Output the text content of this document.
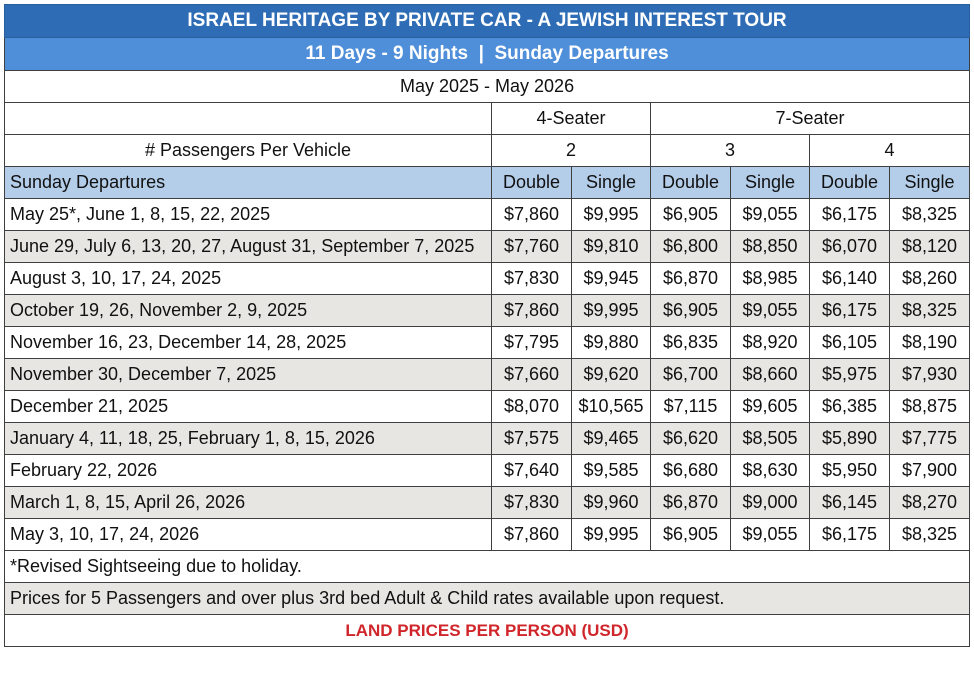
ISRAEL HERITAGE BY PRIVATE CAR - A JEWISH INTEREST TOUR						
11 Days - 9 Nights  |  Sunday Departures						
May 2025 - May 2026						
	4-Seater		7-Seater			
# Passengers Per Vehicle	2		3		4	
Sunday Departures	Double	Single	Double	Single	Double	Single
May 25*, June 1, 8, 15, 22, 2025	$7,860	$9,995	$6,905	$9,055	$6,175	$8,325
June 29, July 6, 13, 20, 27, August 31, September 7, 2025	$7,760	$9,810	$6,800	$8,850	$6,070	$8,120
August 3, 10, 17, 24, 2025	$7,830	$9,945	$6,870	$8,985	$6,140	$8,260
October 19, 26, November 2, 9, 2025	$7,860	$9,995	$6,905	$9,055	$6,175	$8,325
November 16, 23, December 14, 28, 2025	$7,795	$9,880	$6,835	$8,920	$6,105	$8,190
November 30, December 7, 2025	$7,660	$9,620	$6,700	$8,660	$5,975	$7,930
December 21, 2025	$8,070	$10,565	$7,115	$9,605	$6,385	$8,875
January 4, 11, 18, 25, February 1, 8, 15, 2026	$7,575	$9,465	$6,620	$8,505	$5,890	$7,775
February 22, 2026	$7,640	$9,585	$6,680	$8,630	$5,950	$7,900
March 1, 8, 15, April 26, 2026	$7,830	$9,960	$6,870	$9,000	$6,145	$8,270
May 3, 10, 17, 24, 2026	$7,860	$9,995	$6,905	$9,055	$6,175	$8,325
*Revised Sightseeing due to holiday.						
Prices for 5 Passengers and over plus 3rd bed Adult & Child rates available upon request.						
LAND PRICES PER PERSON (USD)						
